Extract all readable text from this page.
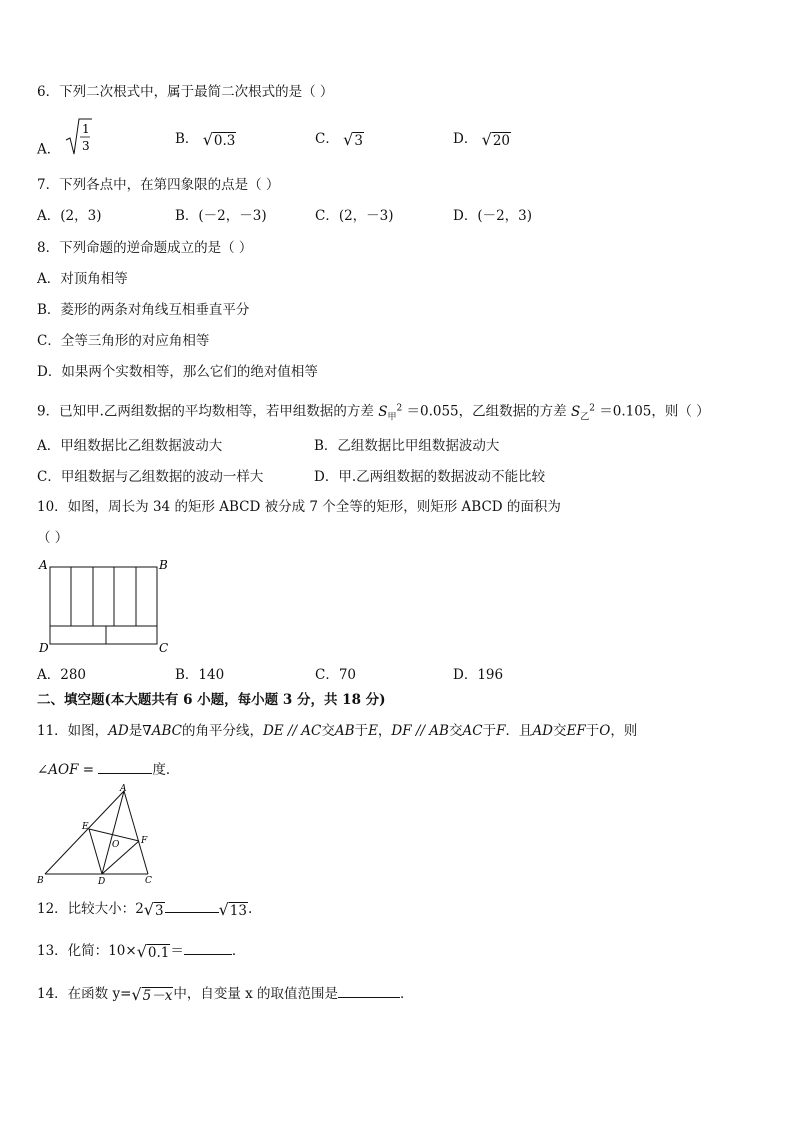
6．下列二次根式中，属于最简二次根式的是（ ）
A．
1
3	B． √ 0.3	C． √ 3	D． √ 20
7．下列各点中，在第四象限的点是（ ）
A．(2，3)	B．(－2，－3)	C．(2，－3)	D．(－2，3)
8．下列命题的逆命题成立的是（ ）
A．对顶角相等
B．菱形的两条对角线互相垂直平分
C．全等三角形的对应角相等
D．如果两个实数相等，那么它们的绝对值相等
9．已知甲.乙两组数据的平均数相等，若甲组数据的方差 $S_甲^2 =0.055$，乙组数据的方差 $S_乙^2 =0.105$，则（ ）
A．甲组数据比乙组数据波动大	B．乙组数据比甲组数据波动大
C．甲组数据与乙组数据的波动一样大	D．甲.乙两组数据的数据波动不能比较
10．如图，周长为 34 的矩形 ABCD 被分成 7 个全等的矩形，则矩形 ABCD 的面积为
（ ）
A	B
D	C
A．280	B．140	C．70	D．196
二、填空题(本大题共有 6 小题，每小题 3 分，共 18 分)
11．如图，AD是∇ABC的角平分线，DE // AC交AB于E，DF // AB交AC于F．且AD交EF于O，则
∠AOF =	度．
A
B	C
D
E
F
O
12．比较大小：2 √ 3	√ 13 .
13．化简：10× √ 0.1 ＝	．
14．在函数 y= √ 5－x 中，自变量 x 的取值范围是	．
